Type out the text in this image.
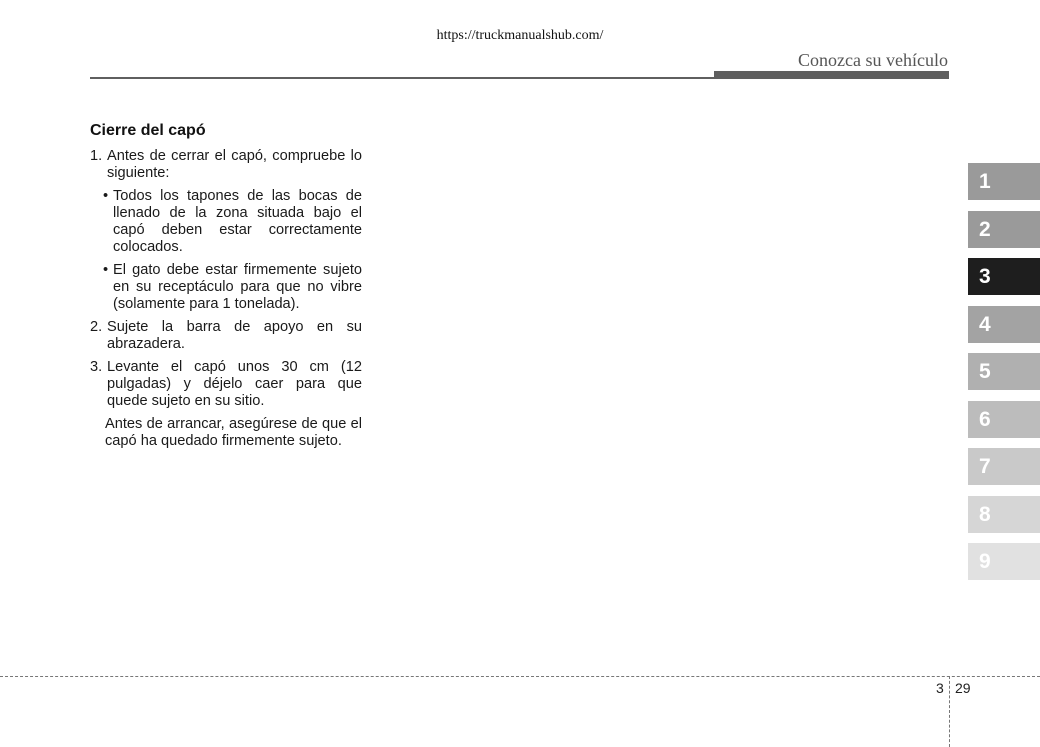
https://truckmanualshub.com/
Conozca su vehículo
Cierre del capó
1. Antes de cerrar el capó, compruebe lo siguiente:
• Todos los tapones de las bocas de llenado de la zona situada bajo el capó deben estar correctamente colocados.
• El gato debe estar firmemente sujeto en su receptáculo para que no vibre (solamente para 1 tonelada).
2. Sujete la barra de apoyo en su abrazadera.
3. Levante el capó unos 30 cm (12 pulgadas) y déjelo caer para que quede sujeto en su sitio.
Antes de arrancar, asegúrese de que el capó ha quedado firmemente sujeto.
1
2
3
4
5
6
7
8
9
3 29
